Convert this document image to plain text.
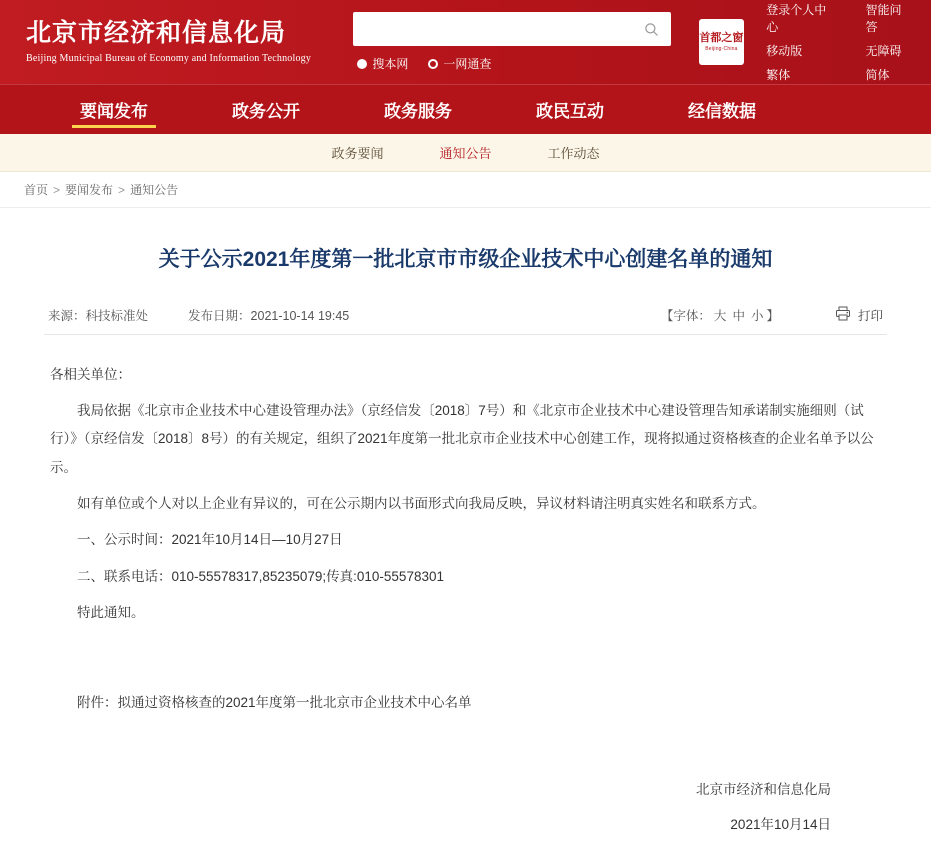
北京市经济和信息化局
Beijing Municipal Bureau of Economy and Information Technology	搜本网	一网通查
首都之窗
Beijing·China
登录个人中心
移动版
繁体
智能问答
无障碍
简体
要闻发布	政务公开	政务服务	政民互动	经信数据
政务要闻	通知公告	工作动态
首页 > 要闻发布 > 通知公告
关于公示2021年度第一批北京市市级企业技术中心创建名单的通知
来源：科技标准处	发布日期：2021-10-14 19:45	【字体： 大 中 小 】	打印

各相关单位：

我局依据《北京市企业技术中心建设管理办法》（京经信发〔2018〕7号）和《北京市企业技术中心建设管理告知承诺制实施细则（试行）》（京经信发〔2018〕8号）的有关规定，组织了2021年度第一批北京市企业技术中心创建工作，现将拟通过资格核查的企业名单予以公示。

如有单位或个人对以上企业有异议的，可在公示期内以书面形式向我局反映，异议材料请注明真实姓名和联系方式。

一、公示时间：2021年10月14日—10月27日

二、联系电话：010-55578317,85235079;传真:010-55578301

特此通知。

附件：拟通过资格核查的2021年度第一批北京市企业技术中心名单
北京市经济和信息化局
2021年10月14日
